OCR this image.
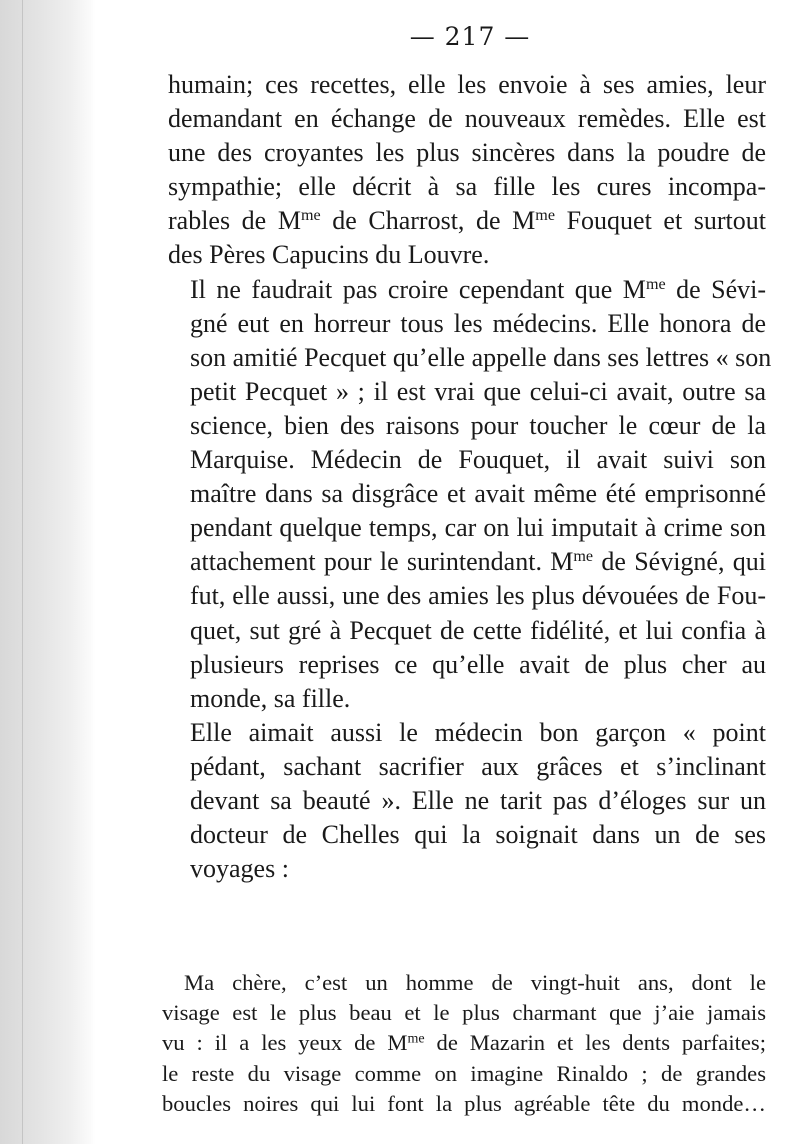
— 217 —

humain; ces recettes, elle les envoie à ses amies, leur
demandant en échange de nouveaux remèdes. Elle est
une des croyantes les plus sincères dans la poudre de
sympathie; elle décrit à sa fille les cures incompa-
rables de $M^{me}$ de Charrost, de $M^{me}$ Fouquet et surtout
des Pères Capucins du Louvre.

Il ne faudrait pas croire cependant que $M^{me}$ de Sévi-
gné eut en horreur tous les médecins. Elle honora de
son amitié Pecquet qu’elle appelle dans ses lettres « son
petit Pecquet » ; il est vrai que celui-ci avait, outre sa
science, bien des raisons pour toucher le cœur de la
Marquise. Médecin de Fouquet, il avait suivi son
maître dans sa disgrâce et avait même été emprisonné
pendant quelque temps, car on lui imputait à crime son
attachement pour le surintendant. $M^{me}$ de Sévigné, qui
fut, elle aussi, une des amies les plus dévouées de Fou-
quet, sut gré à Pecquet de cette fidélité, et lui confia à
plusieurs reprises ce qu’elle avait de plus cher au
monde, sa fille.

Elle aimait aussi le médecin bon garçon « point
pédant, sachant sacrifier aux grâces et s’inclinant
devant sa beauté ». Elle ne tarit pas d’éloges sur un
docteur de Chelles qui la soignait dans un de ses
voyages :

Ma chère, c’est un homme de vingt-huit ans, dont le
visage est le plus beau et le plus charmant que j’aie jamais
vu : il a les yeux de $M^{me}$ de Mazarin et les dents parfaites;
le reste du visage comme on imagine Rinaldo ; de grandes
boucles noires qui lui font la plus agréable tête du monde…
